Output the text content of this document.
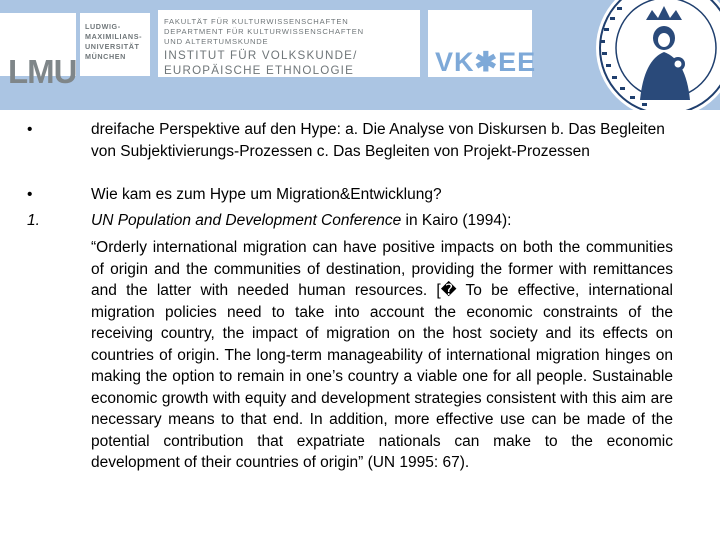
LMU
LUDWIG-
MAXIMILIANS-
UNIVERSITÄT
MÜNCHEN
FAKULTÄT FÜR KULTURWISSENSCHAFTEN
DEPARTMENT FÜR KULTURWISSENSCHAFTEN
UND ALTERTUMSKUNDE
INSTITUT FÜR VOLKSKUNDE/
EUROPÄISCHE ETHNOLOGIE	VK✱EE
•	dreifache Perspektive auf den Hype: a. Die Analyse von Diskursen b. Das Begleiten von Subjektivierungs-Prozessen c. Das Begleiten von Projekt-Prozessen
•	Wie kam es zum Hype um Migration&Entwicklung?
1.	UN Population and Development Conference in Kairo (1994):
“Orderly international migration can have positive impacts on both the communities of origin and the communities of destination, providing the former with remittances and the latter with needed human resources. [� To be effective, international migration policies need to take into account the economic constraints of the receiving country, the impact of migration on the host society and its effects on countries of origin. The long-term manageability of international migration hinges on making the option to remain in one’s country a viable one for all people. Sustainable economic growth with equity and development strategies consistent with this aim are necessary means to that end. In addition, more effective use can be made of the potential contribution that expatriate nationals can make to the economic development of their countries of origin” (UN 1995: 67).
